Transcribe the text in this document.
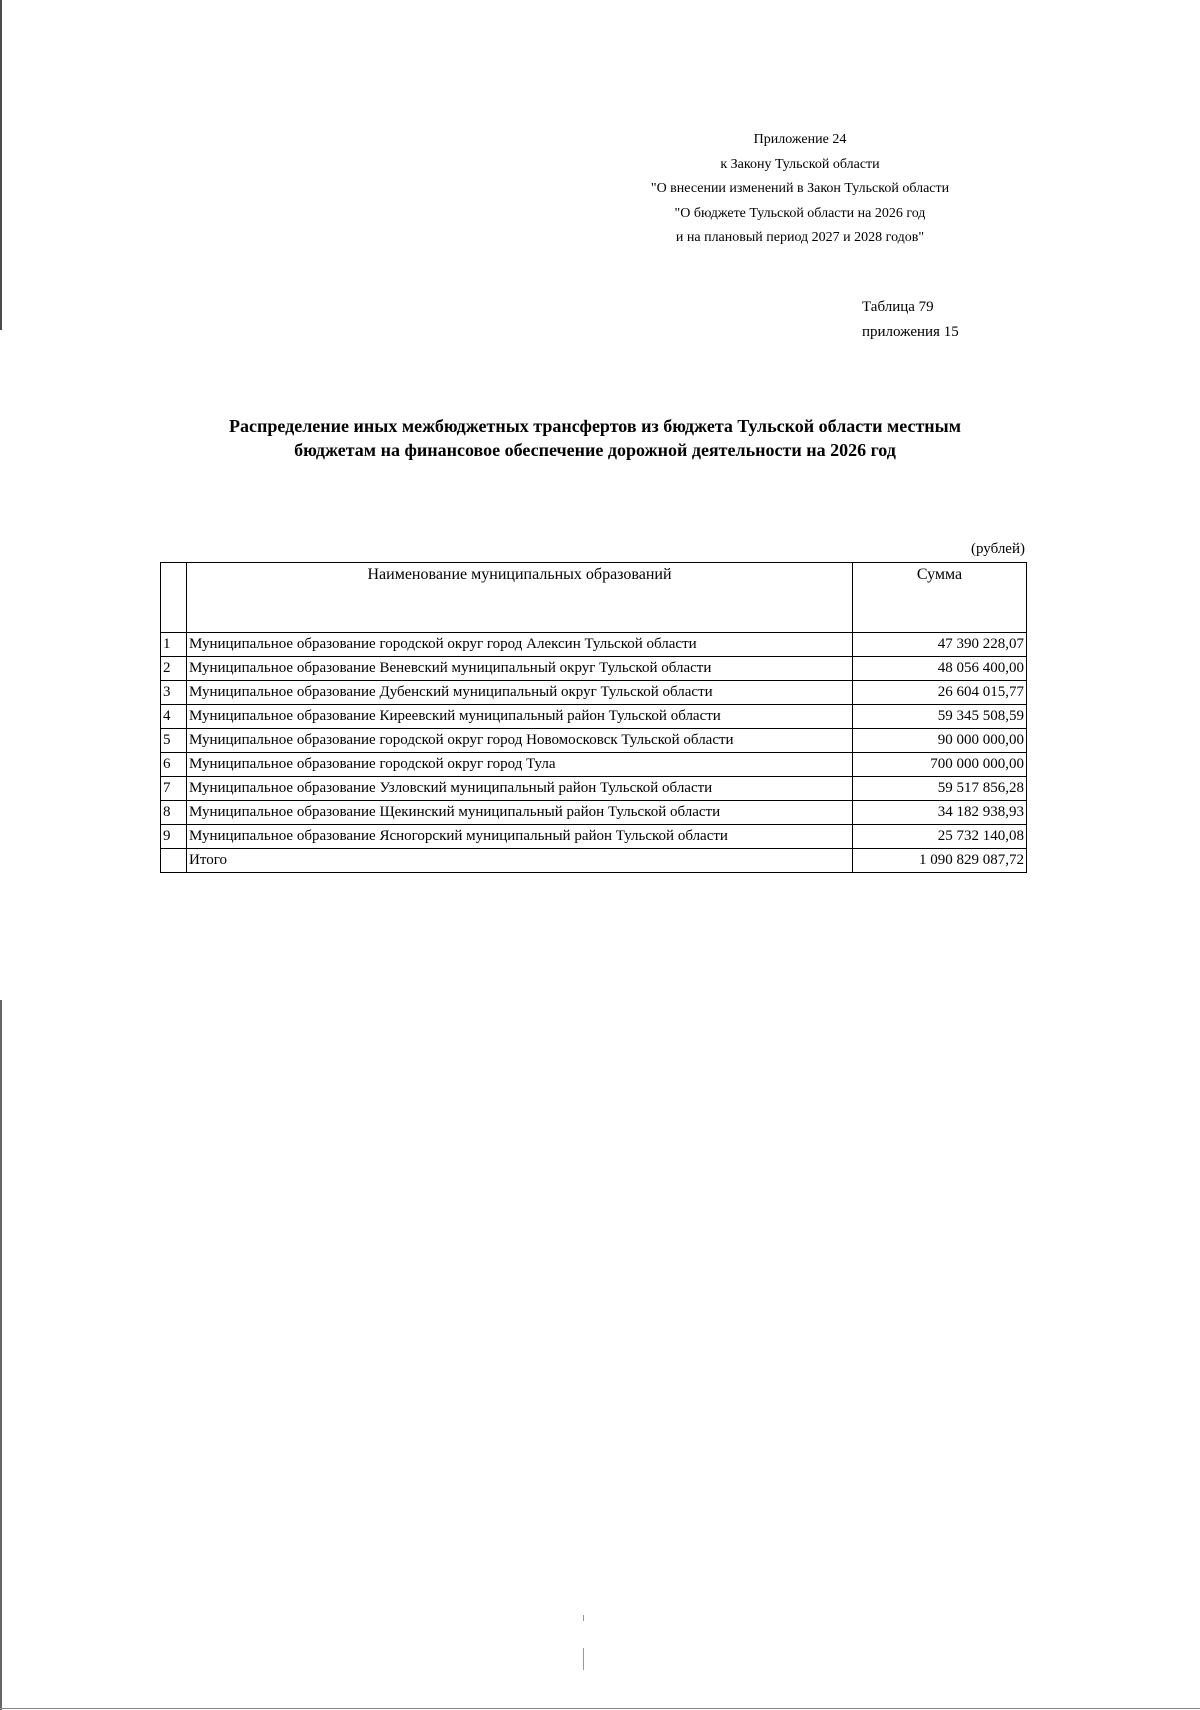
Приложение 24
к Закону Тульской области
"О внесении изменений в Закон Тульской области
"О бюджете Тульской области на 2026 год
и на плановый период 2027 и 2028 годов"
Таблица 79
приложения 15
Распределение иных межбюджетных трансфертов из бюджета Тульской области местным
бюджетам на финансовое обеспечение дорожной деятельности на 2026 год
(рублей)
	Наименование муниципальных образований	Сумма
1	Муниципальное образование городской округ город Алексин Тульской области	47 390 228,07
2	Муниципальное образование Веневский муниципальный округ Тульской области	48 056 400,00
3	Муниципальное образование Дубенский муниципальный округ Тульской области	26 604 015,77
4	Муниципальное образование Киреевский муниципальный район Тульской области	59 345 508,59
5	Муниципальное образование городской округ город Новомосковск Тульской области	90 000 000,00
6	Муниципальное образование городской округ город Тула	700 000 000,00
7	Муниципальное образование Узловский муниципальный район Тульской области	59 517 856,28
8	Муниципальное образование Щекинский муниципальный район Тульской области	34 182 938,93
9	Муниципальное образование Ясногорский муниципальный район Тульской области	25 732 140,08
	Итого	1 090 829 087,72
